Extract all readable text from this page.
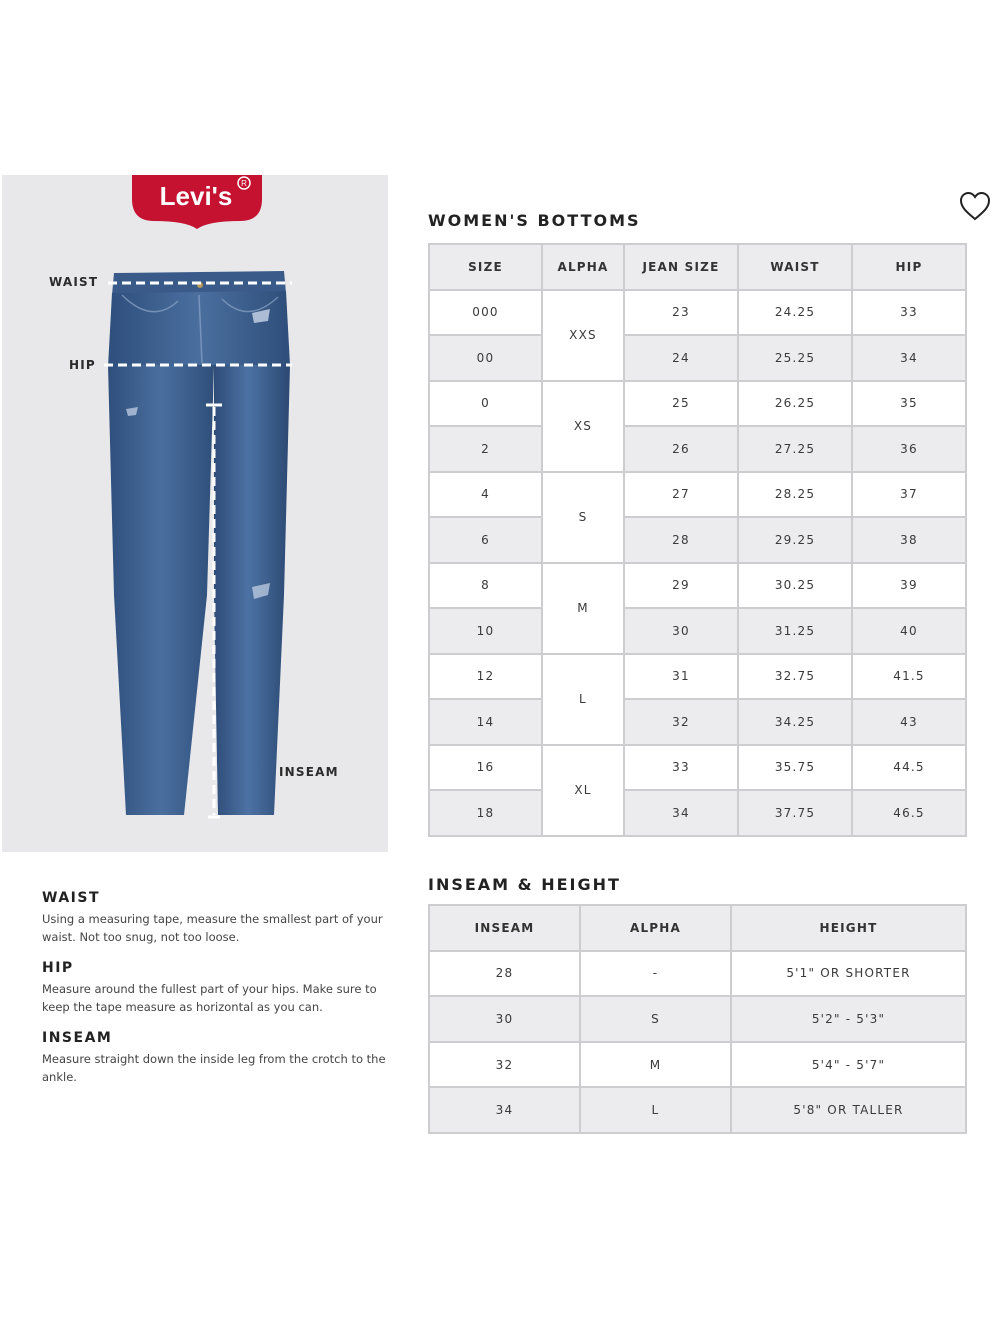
Levi's R
WAIST
HIP
INSEAM
WAIST

Using a measuring tape, measure the smallest part of your waist. Not too snug, not too loose.

HIP

Measure around the fullest part of your hips. Make sure to keep the tape measure as horizontal as you can.

INSEAM

Measure straight down the inside leg from the crotch to the ankle.

WOMEN'S BOTTOMS
SIZE	ALPHA	JEAN SIZE	WAIST	HIP
000	XXS	23	24.25	33
00		24	25.25	34
0	XS	25	26.25	35
2		26	27.25	36
4	S	27	28.25	37
6		28	29.25	38
8	M	29	30.25	39
10		30	31.25	40
12	L	31	32.75	41.5
14		32	34.25	43
16	XL	33	35.75	44.5
18		34	37.75	46.5
INSEAM & HEIGHT
INSEAM	ALPHA	HEIGHT
28	-	5'1" OR SHORTER
30	S	5'2" - 5'3"
32	M	5'4" - 5'7"
34	L	5'8" OR TALLER
